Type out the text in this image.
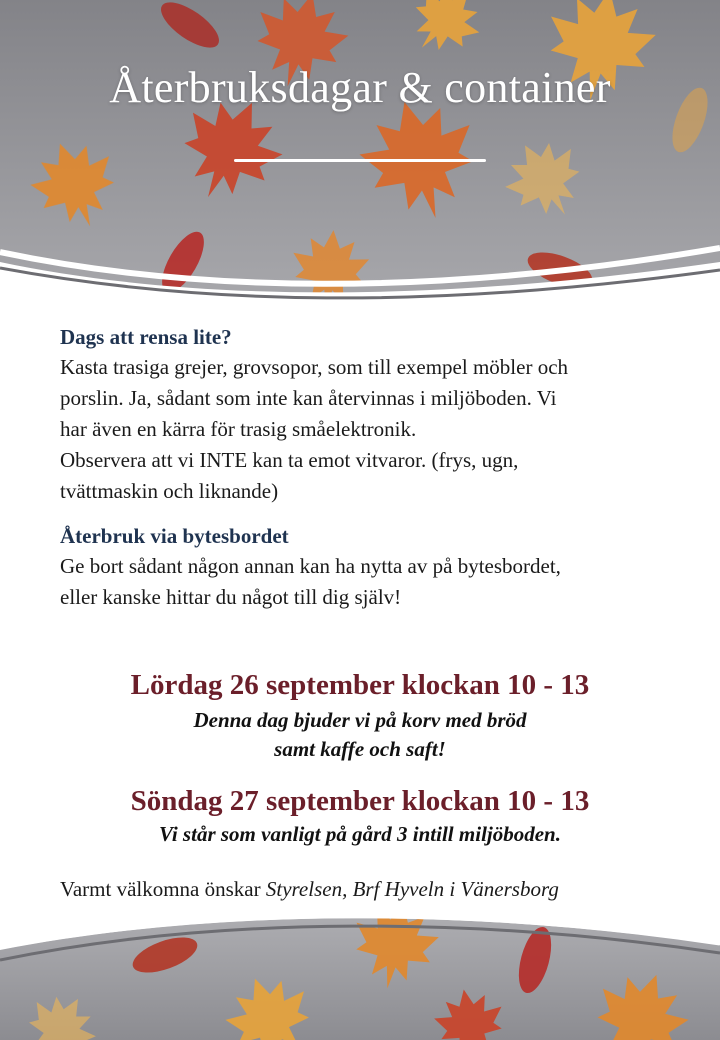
Återbruksdagar & container
Dags att rensa lite?
Kasta trasiga grejer, grovsopor, som till exempel möbler och
porslin. Ja, sådant som inte kan återvinnas i miljöboden. Vi
har även en kärra för trasig småelektronik.
Observera att vi INTE kan ta emot vitvaror. (frys, ugn,
tvättmaskin och liknande)
Återbruk via bytesbordet
Ge bort sådant någon annan kan ha nytta av på bytesbordet,
eller kanske hittar du något till dig själv!
Lördag 26 september klockan 10 - 13
Denna dag bjuder vi på korv med bröd
samt kaffe och saft!
Söndag 27 september klockan 10 - 13
Vi står som vanligt på gård 3 intill miljöboden.
Varmt välkomna önskar Styrelsen, Brf Hyveln i Vänersborg
